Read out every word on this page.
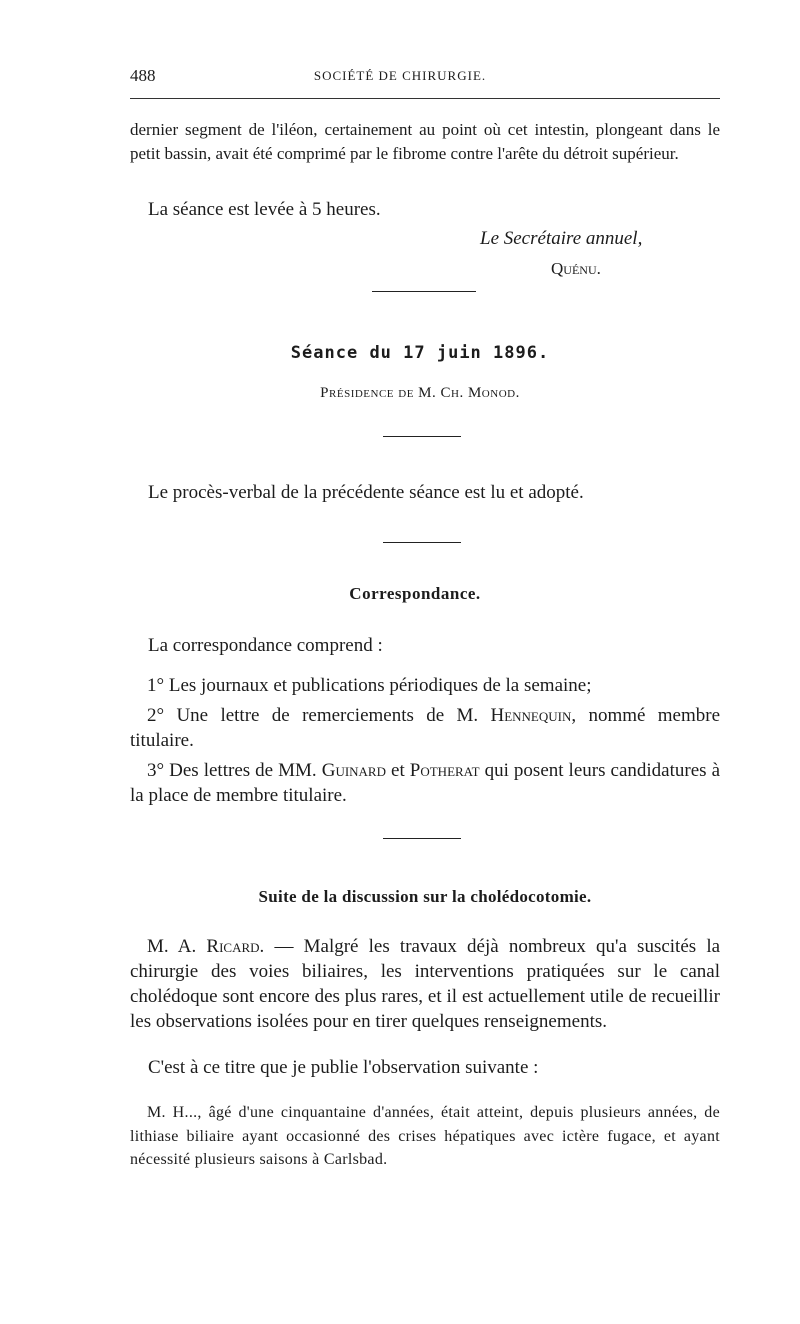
488	SOCIÉTÉ DE CHIRURGIE.
dernier segment de l'iléon, certainement au point où cet intestin, plongeant dans le petit bassin, avait été comprimé par le fibrome contre l'arête du détroit supérieur.
La séance est levée à 5 heures.
Le Secrétaire annuel,
Quénu.
Séance du 17 juin 1896.
Présidence de M. Ch. Monod.
Le procès-verbal de la précédente séance est lu et adopté.
Correspondance.
La correspondance comprend :
1° Les journaux et publications périodiques de la semaine;
2° Une lettre de remerciements de M. Hennequin, nommé membre titulaire.
3° Des lettres de MM. Guinard et Potherat qui posent leurs candidatures à la place de membre titulaire.
Suite de la discussion sur la cholédocotomie.
M. A. Ricard. — Malgré les travaux déjà nombreux qu'a suscités la chirurgie des voies biliaires, les interventions pratiquées sur le canal cholédoque sont encore des plus rares, et il est actuellement utile de recueillir les observations isolées pour en tirer quelques renseignements.
C'est à ce titre que je publie l'observation suivante :
M. H..., âgé d'une cinquantaine d'années, était atteint, depuis plusieurs années, de lithiase biliaire ayant occasionné des crises hépatiques avec ictère fugace, et ayant nécessité plusieurs saisons à Carlsbad.
